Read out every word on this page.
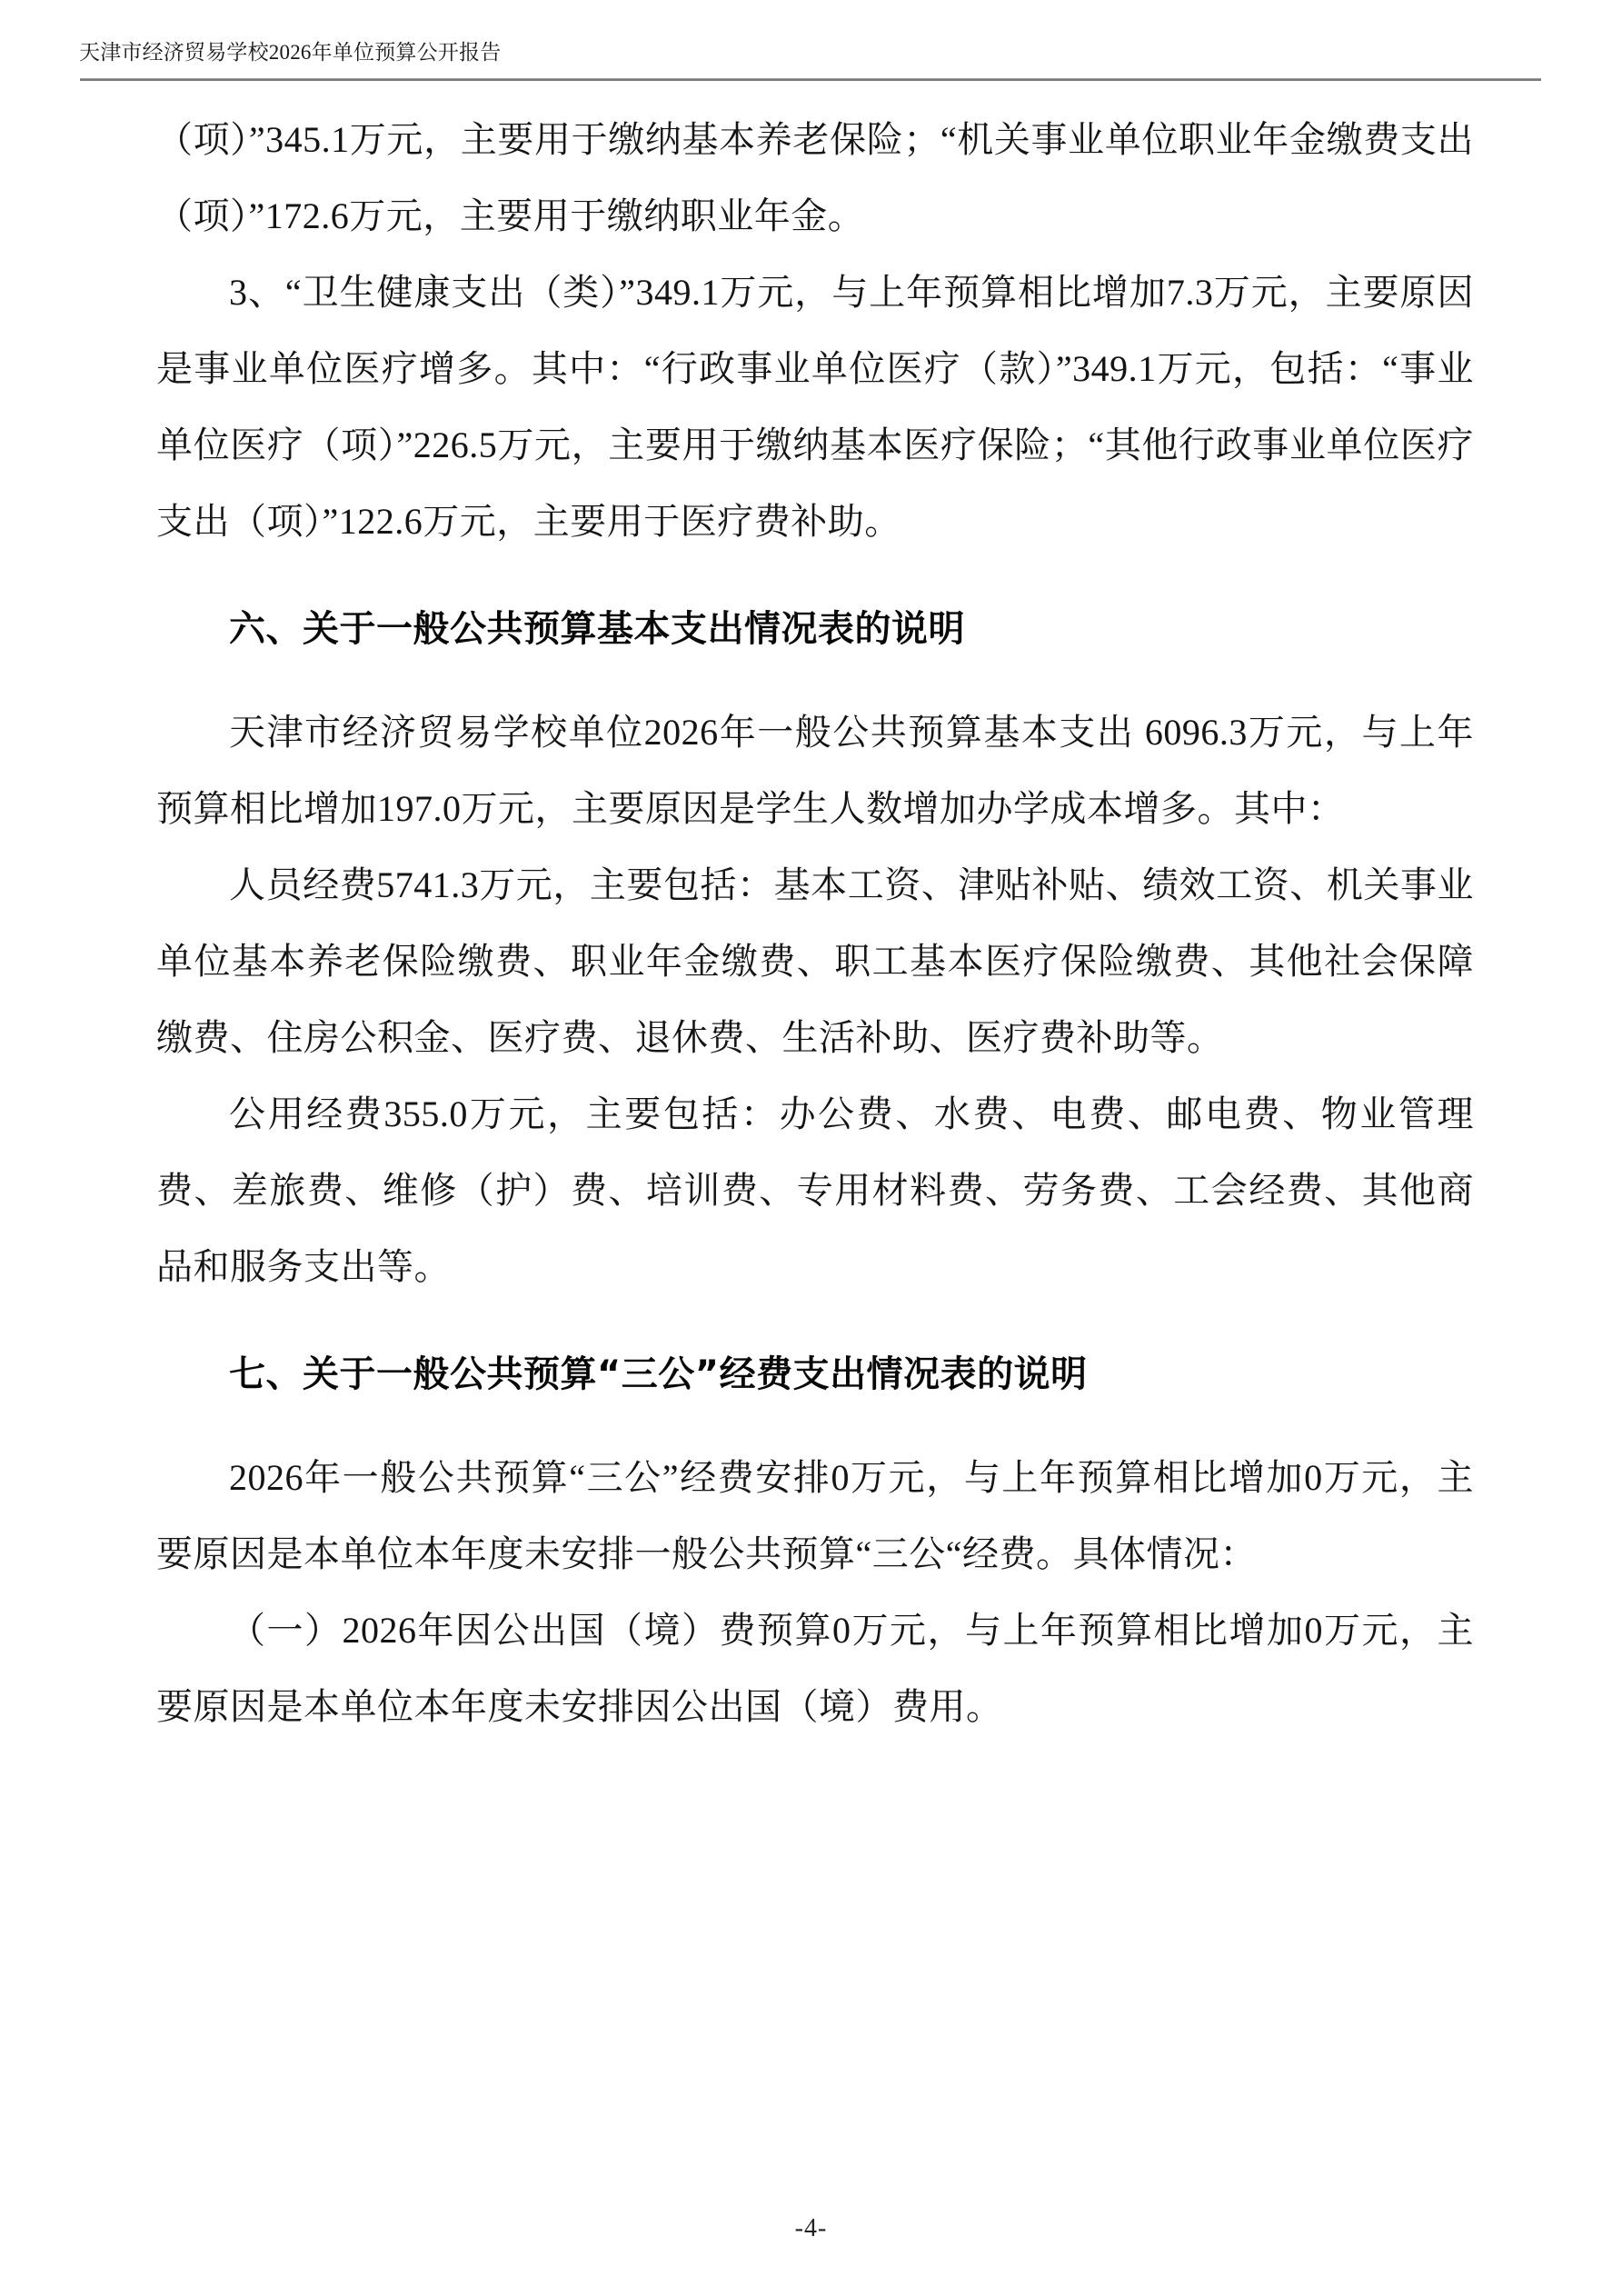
天津市经济贸易学校2026年单位预算公开报告

（项）”345.1万元，主要用于缴纳基本养老保险；“机关事业单位职业年金缴费支出（项）”172.6万元，主要用于缴纳职业年金。

3、“卫生健康支出（类）”349.1万元，与上年预算相比增加7.3万元，主要原因是事业单位医疗增多。其中：“行政事业单位医疗（款）”349.1万元，包括：“事业单位医疗（项）”226.5万元，主要用于缴纳基本医疗保险；“其他行政事业单位医疗支出（项）”122.6万元，主要用于医疗费补助。

六、关于一般公共预算基本支出情况表的说明

天津市经济贸易学校单位2026年一般公共预算基本支出 6096.3万元，与上年预算相比增加197.0万元，主要原因是学生人数增加办学成本增多。其中：

人员经费5741.3万元，主要包括：基本工资、津贴补贴、绩效工资、机关事业单位基本养老保险缴费、职业年金缴费、职工基本医疗保险缴费、其他社会保障缴费、住房公积金、医疗费、退休费、生活补助、医疗费补助等。

公用经费355.0万元，主要包括：办公费、水费、电费、邮电费、物业管理费、差旅费、维修（护）费、培训费、专用材料费、劳务费、工会经费、其他商品和服务支出等。

七、关于一般公共预算“三公”经费支出情况表的说明

2026年一般公共预算“三公”经费安排0万元，与上年预算相比增加0万元，主要原因是本单位本年度未安排一般公共预算“三公“经费。具体情况：

（一）2026年因公出国（境）费预算0万元，与上年预算相比增加0万元，主要原因是本单位本年度未安排因公出国（境）费用。

-4-
